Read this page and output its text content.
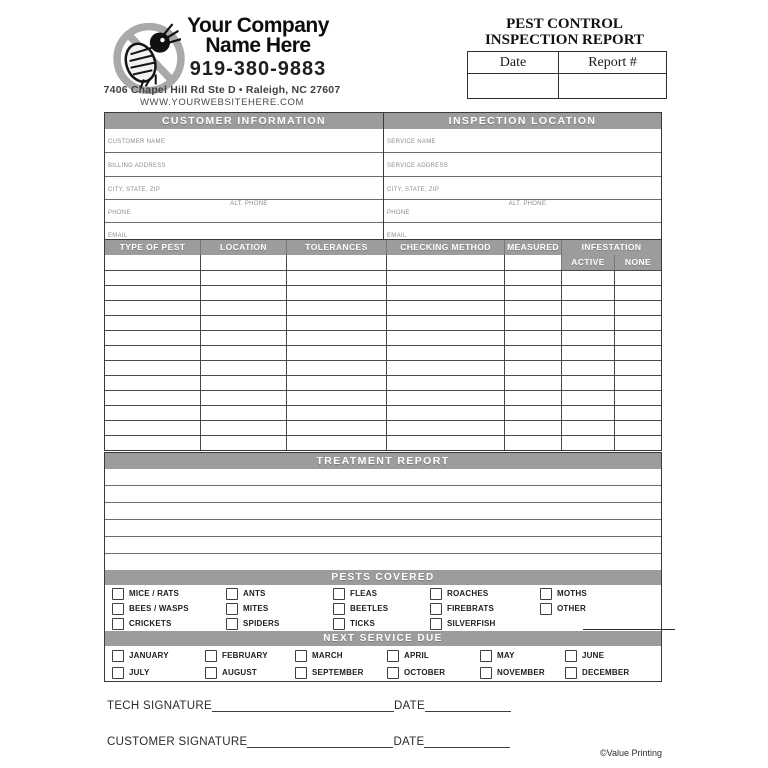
Your Company
Name Here
919-380-9883
7406 Chapel Hill Rd Ste D • Raleigh, NC 27607
WWW.YOURWEBSITEHERE.COM
PEST CONTROL
INSPECTION REPORT
Date	Report #
CUSTOMER INFORMATION
CUSTOMER NAME
BILLING ADDRESS
CITY, STATE, ZIP
PHONE
ALT. PHONE
EMAIL
INSPECTION LOCATION
SERVICE NAME
SERVICE ADDRESS
CITY, STATE, ZIP
PHONE
ALT. PHONE
EMAIL
TYPE OF PEST	LOCATION	TOLERANCES	CHECKING METHOD	MEASURED	INFESTATION
ACTIVE	NONE
TREATMENT REPORT
PESTS COVERED
MICE / RATS
BEES / WASPS
CRICKETS
ANTS
MITES
SPIDERS
FLEAS
BEETLES
TICKS
ROACHES
FIREBRATS
SILVERFISH
MOTHS
OTHER
NEXT SERVICE DUE
JANUARY	FEBRUARY	MARCH	APRIL	MAY	JUNE
JULY	AUGUST	SEPTEMBER	OCTOBER	NOVEMBER	DECEMBER
TECH SIGNATURE	DATE
CUSTOMER SIGNATURE	DATE
©Value Printing
